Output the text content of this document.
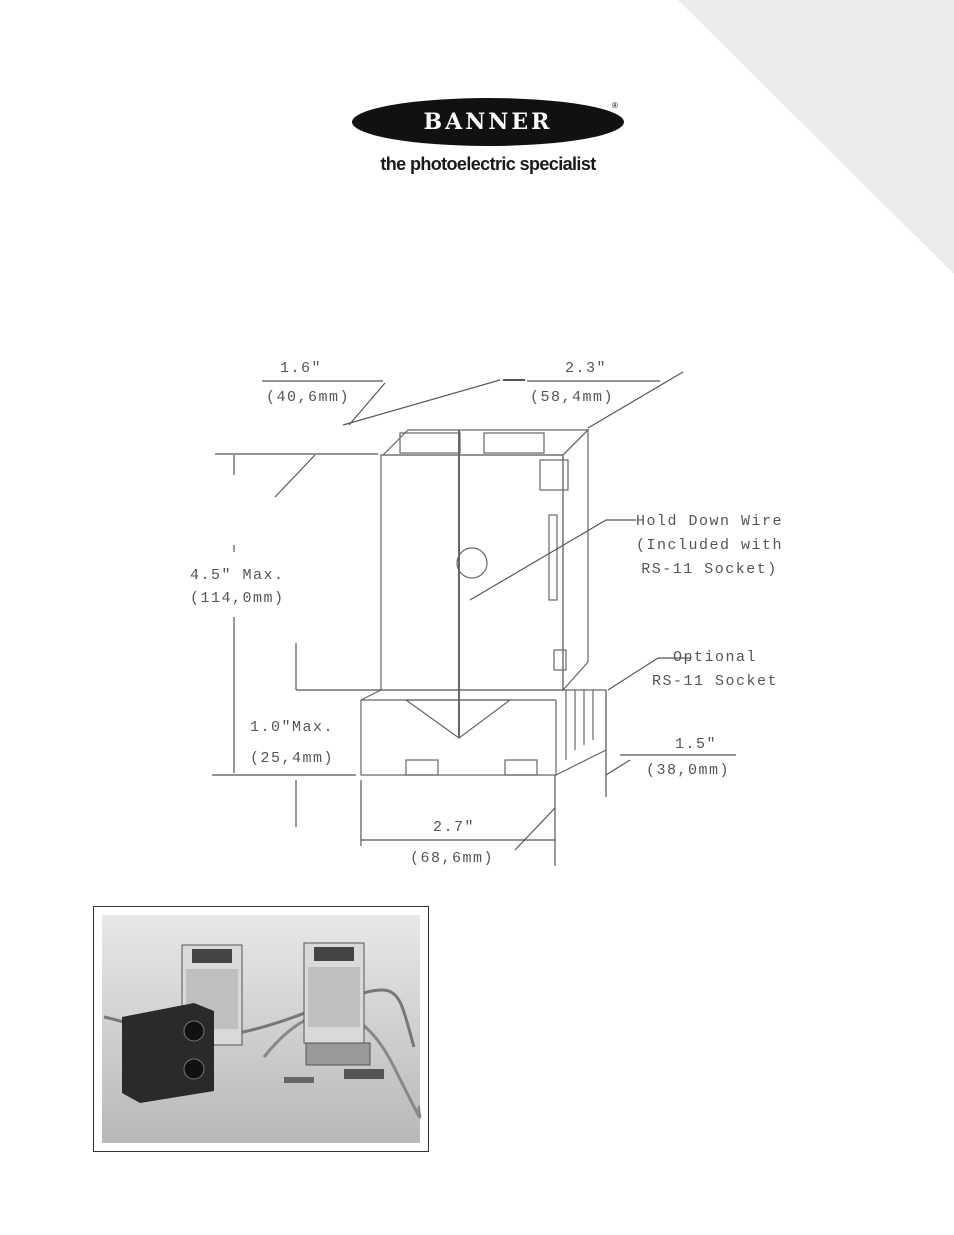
BANNER
®
the photoelectric specialist
1.6"
(40,6mm)
2.3"
(58,4mm)
4.5" Max.
(114,0mm)
1.0"Max.
(25,4mm)
1.5"
(38,0mm)
2.7"
(68,6mm)
Hold Down Wire
(Included with
RS-11 Socket)
Optional
RS-11 Socket
